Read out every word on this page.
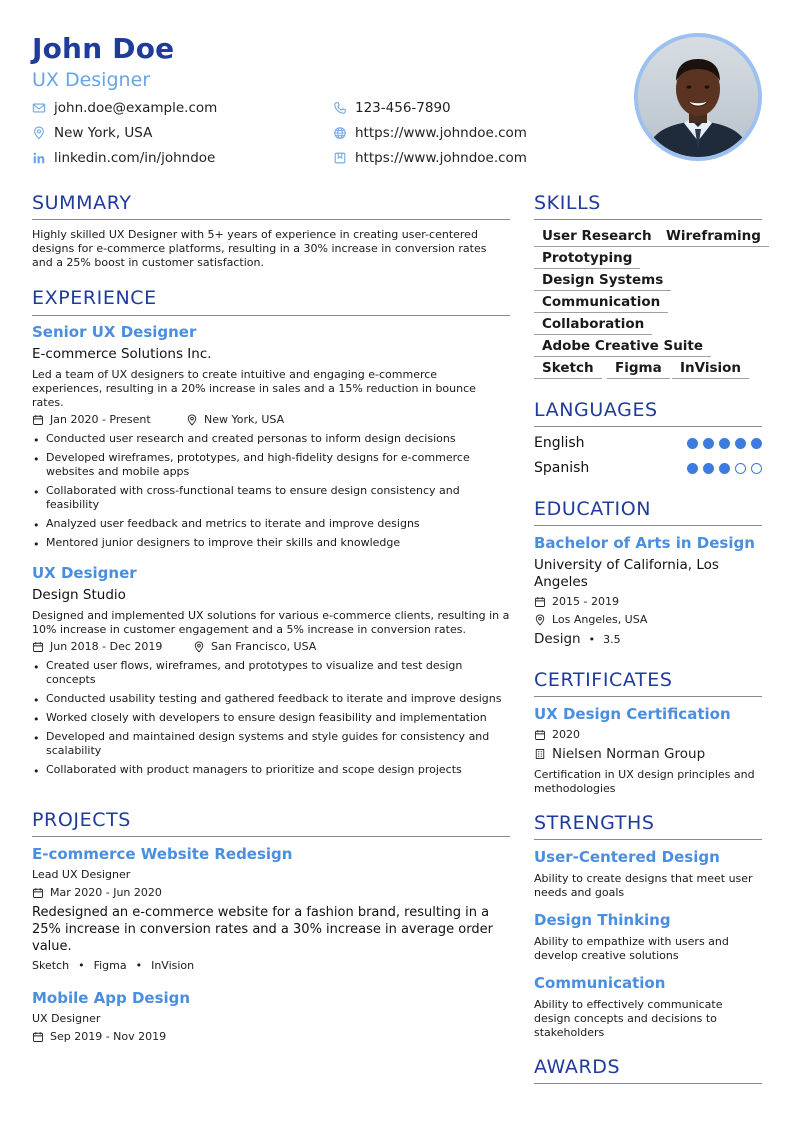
John Doe
UX Designer
john.doe@example.com	123-456-7890
New York, USA	https://www.johndoe.com
linkedin.com/in/johndoe	https://www.johndoe.com
SUMMARY
Highly skilled UX Designer with 5+ years of experience in creating user-centered designs for e-commerce platforms, resulting in a 30% increase in conversion rates and a 25% boost in customer satisfaction.
EXPERIENCE
Senior UX Designer
E-commerce Solutions Inc.
Led a team of UX designers to create intuitive and engaging e-commerce experiences, resulting in a 20% increase in sales and a 15% reduction in bounce rates.
Jan 2020 - Present	New York, USA
• Conducted user research and created personas to inform design decisions
• Developed wireframes, prototypes, and high-fidelity designs for e-commerce websites and mobile apps
• Collaborated with cross-functional teams to ensure design consistency and feasibility
• Analyzed user feedback and metrics to iterate and improve designs
• Mentored junior designers to improve their skills and knowledge
UX Designer
Design Studio
Designed and implemented UX solutions for various e-commerce clients, resulting in a 10% increase in customer engagement and a 5% increase in conversion rates.
Jun 2018 - Dec 2019	San Francisco, USA
• Created user flows, wireframes, and prototypes to visualize and test design concepts
• Conducted usability testing and gathered feedback to iterate and improve designs
• Worked closely with developers to ensure design feasibility and implementation
• Developed and maintained design systems and style guides for consistency and scalability
• Collaborated with product managers to prioritize and scope design projects
PROJECTS
E-commerce Website Redesign
Lead UX Designer
Mar 2020 - Jun 2020
Redesigned an e-commerce website for a fashion brand, resulting in a 25% increase in conversion rates and a 30% increase in average order value.
Sketch • Figma • InVision
Mobile App Design
UX Designer
Sep 2019 - Nov 2019
SKILLS
User Research	Wireframing
Prototyping
Design Systems
Communication
Collaboration
Adobe Creative Suite
Sketch	Figma	InVision
LANGUAGES
English
Spanish
EDUCATION
Bachelor of Arts in Design
University of California, Los Angeles
2015 - 2019
Los Angeles, USA
Design • 3.5
CERTIFICATES
UX Design Certification
2020
Nielsen Norman Group
Certification in UX design principles and methodologies
STRENGTHS
User-Centered Design
Ability to create designs that meet user needs and goals
Design Thinking
Ability to empathize with users and develop creative solutions
Communication
Ability to effectively communicate design concepts and decisions to stakeholders
AWARDS
